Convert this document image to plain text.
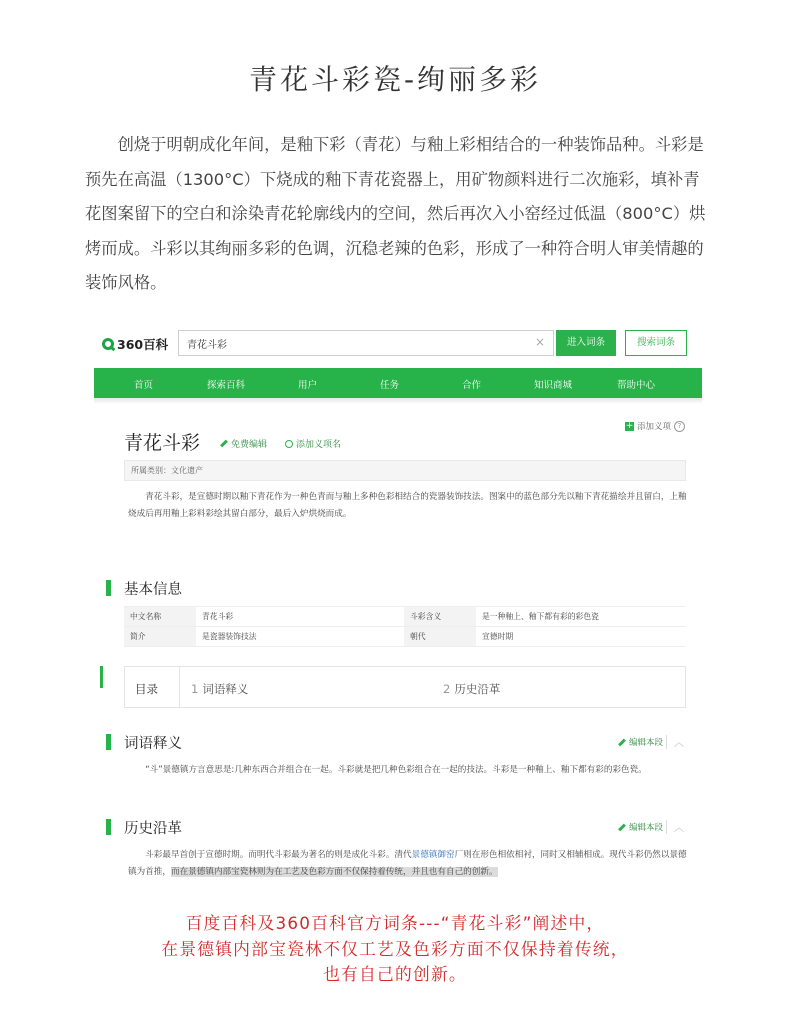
青花斗彩瓷-绚丽多彩

创烧于明朝成化年间，是釉下彩（青花）与釉上彩相结合的一种装饰品种。斗彩是预先在高温（1300°C）下烧成的釉下青花瓷器上，用矿物颜料进行二次施彩，填补青花图案留下的空白和涂染青花轮廓线内的空间，然后再次入小窑经过低温（800°C）烘烤而成。斗彩以其绚丽多彩的色调，沉稳老辣的色彩，形成了一种符合明人审美情趣的装饰风格。

360百科
青花斗彩	×	进入词条	搜索词条
首页	探索百科	用户	任务	合作	知识商城	帮助中心
青花斗彩	免费编辑	添加义项名
+ 添加义项 ?
所属类别：文化遗产
青花斗彩，是宣德时期以釉下青花作为一种色青而与釉上多种色彩相结合的瓷器装饰技法。图案中的蓝色部分先以釉下青花描绘并且留白，上釉烧成后再用釉上彩料彩绘其留白部分，最后入炉烘烧而成。
基本信息
中文名称	青花斗彩	斗彩含义	是一种釉上、釉下都有彩的彩色瓷
简介	是瓷器装饰技法	朝代	宣德时期
目录	1 词语释义	2 历史沿革
词语释义	编辑本段 ︿
“斗”景德镇方言意思是:几种东西合并组合在一起。斗彩就是把几种色彩组合在一起的技法。斗彩是一种釉上、釉下都有彩的彩色瓷。
历史沿革	编辑本段 ︿
斗彩最早首创于宣德时期。而明代斗彩最为著名的则是成化斗彩。清代景德镇御窑厂则在形色相依相衬，同时又相辅相成。现代斗彩仍然以景德镇为首推，而在景德镇内部宝瓷林则为在工艺及色彩方面不仅保持着传统，并且也有自己的创新。

百度百科及360百科官方词条---“青花斗彩”阐述中，

在景德镇内部宝瓷林不仅工艺及色彩方面不仅保持着传统，

也有自己的创新。
